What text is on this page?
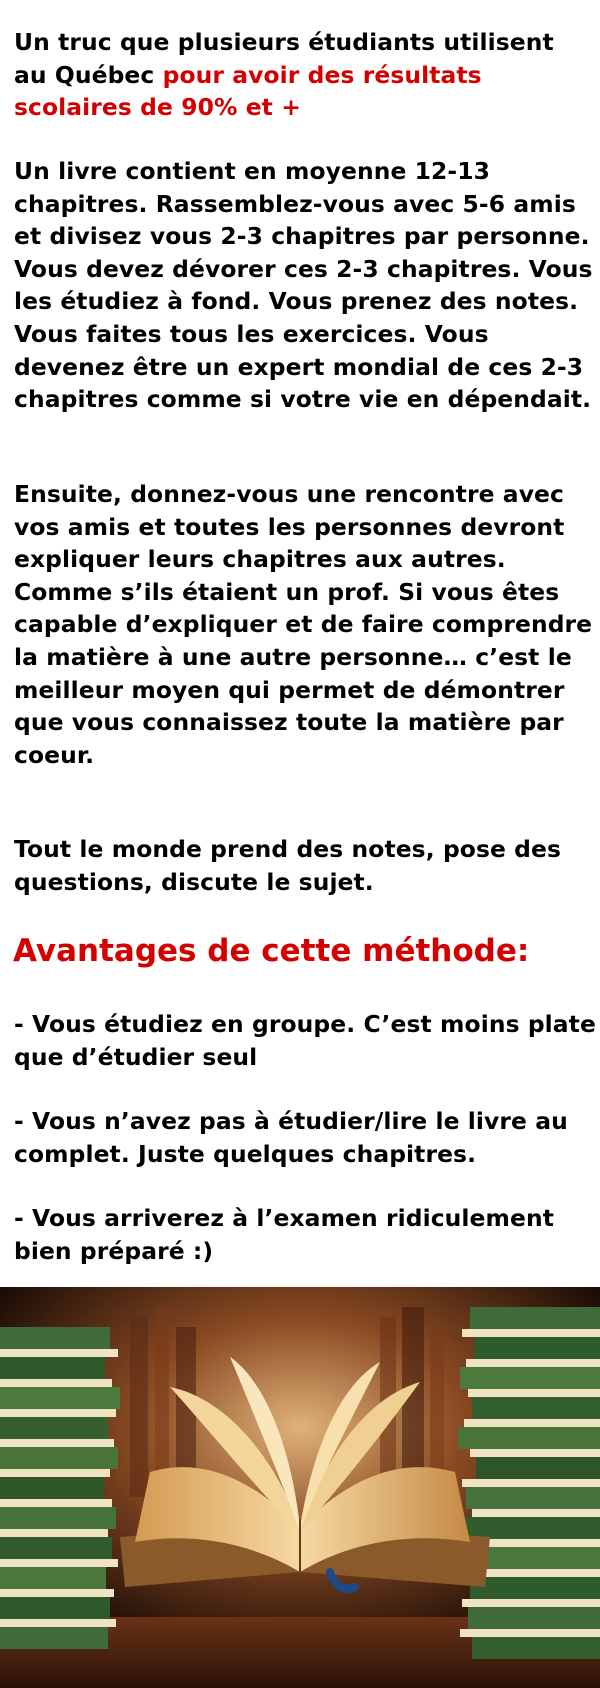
Un truc que plusieurs étudiants utilisent au Québec pour avoir des résultats scolaires de 90% et +

Un livre contient en moyenne 12-13 chapitres. Rassemblez-vous avec 5-6 amis et divisez vous 2-3 chapitres par personne. Vous devez dévorer ces 2-3 chapitres. Vous les étudiez à fond. Vous prenez des notes. Vous faites tous les exercices. Vous devenez être un expert mondial de ces 2-3 chapitres comme si votre vie en dépendait.

Ensuite, donnez-vous une rencontre avec vos amis et toutes les personnes devront expliquer leurs chapitres aux autres. Comme s’ils étaient un prof. Si vous êtes capable d’expliquer et de faire comprendre la matière à une autre personne… c’est le meilleur moyen qui permet de démontrer que vous connaissez toute la matière par coeur.

Tout le monde prend des notes, pose des questions, discute le sujet.

Avantages de cette méthode:

- Vous étudiez en groupe. C’est moins plate que d’étudier seul

- Vous n’avez pas à étudier/lire le livre au complet. Juste quelques chapitres.

- Vous arriverez à l’examen ridiculement bien préparé :)
